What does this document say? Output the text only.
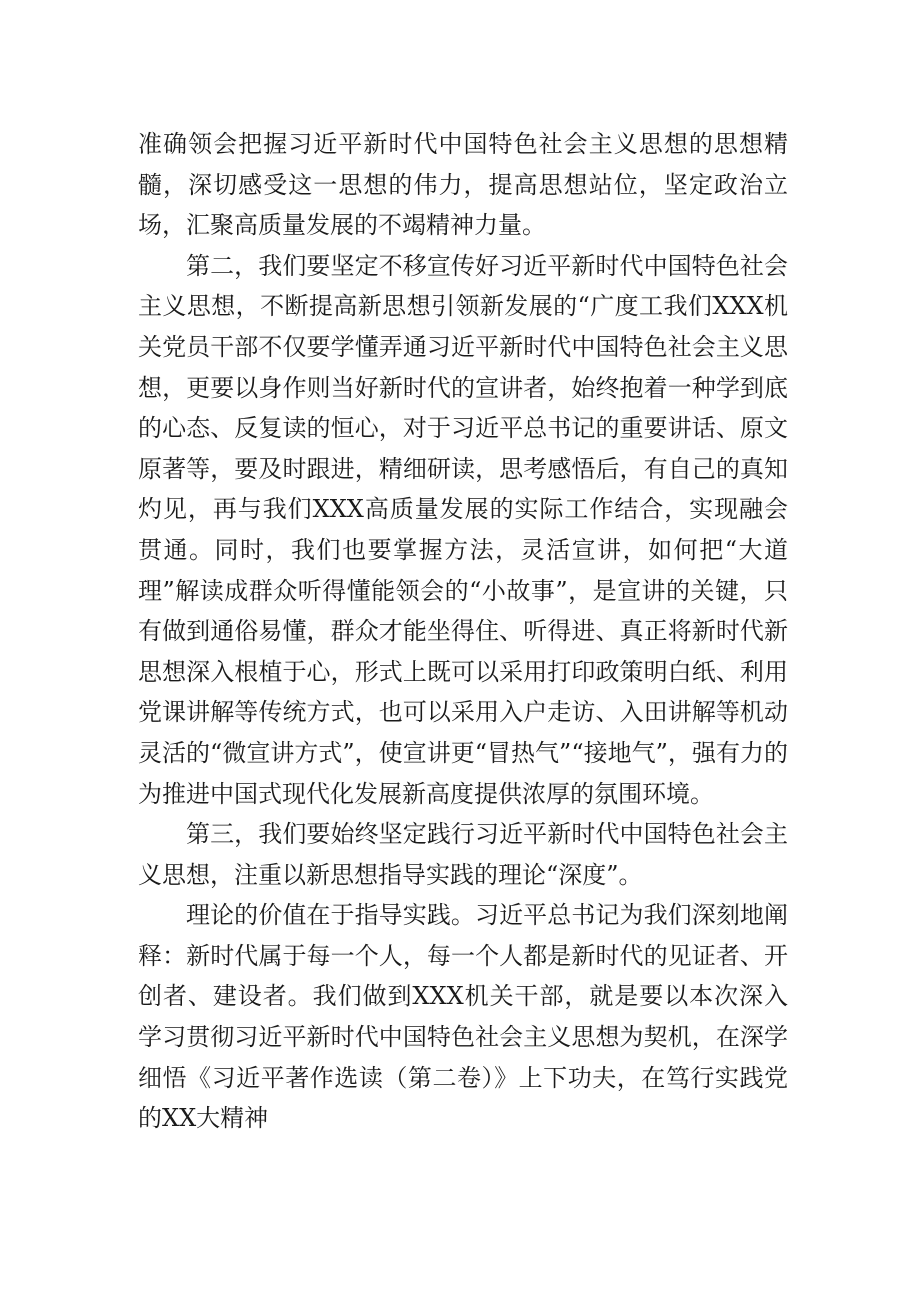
准确领会把握习近平新时代中国特色社会主义思想的思想精髓，深切感受这一思想的伟力，提高思想站位，坚定政治立场，汇聚高质量发展的不竭精神力量。

第二，我们要坚定不移宣传好习近平新时代中国特色社会主义思想，不断提高新思想引领新发展的“广度工我们XXX机关党员干部不仅要学懂弄通习近平新时代中国特色社会主义思想，更要以身作则当好新时代的宣讲者，始终抱着一种学到底的心态、反复读的恒心，对于习近平总书记的重要讲话、原文原著等，要及时跟进，精细研读，思考感悟后，有自己的真知灼见，再与我们XXX高质量发展的实际工作结合，实现融会贯通。同时，我们也要掌握方法，灵活宣讲，如何把“大道理”解读成群众听得懂能领会的“小故事”，是宣讲的关键，只有做到通俗易懂，群众才能坐得住、听得进、真正将新时代新思想深入根植于心，形式上既可以采用打印政策明白纸、利用党课讲解等传统方式，也可以采用入户走访、入田讲解等机动灵活的“微宣讲方式”，使宣讲更“冒热气”“接地气”，强有力的为推进中国式现代化发展新高度提供浓厚的氛围环境。

第三，我们要始终坚定践行习近平新时代中国特色社会主义思想，注重以新思想指导实践的理论“深度”。

理论的价值在于指导实践。习近平总书记为我们深刻地阐释：新时代属于每一个人，每一个人都是新时代的见证者、开创者、建设者。我们做到XXX机关干部，就是要以本次深入学习贯彻习近平新时代中国特色社会主义思想为契机，在深学细悟《习近平著作选读（第二卷）》上下功夫，在笃行实践党的XX大精神
